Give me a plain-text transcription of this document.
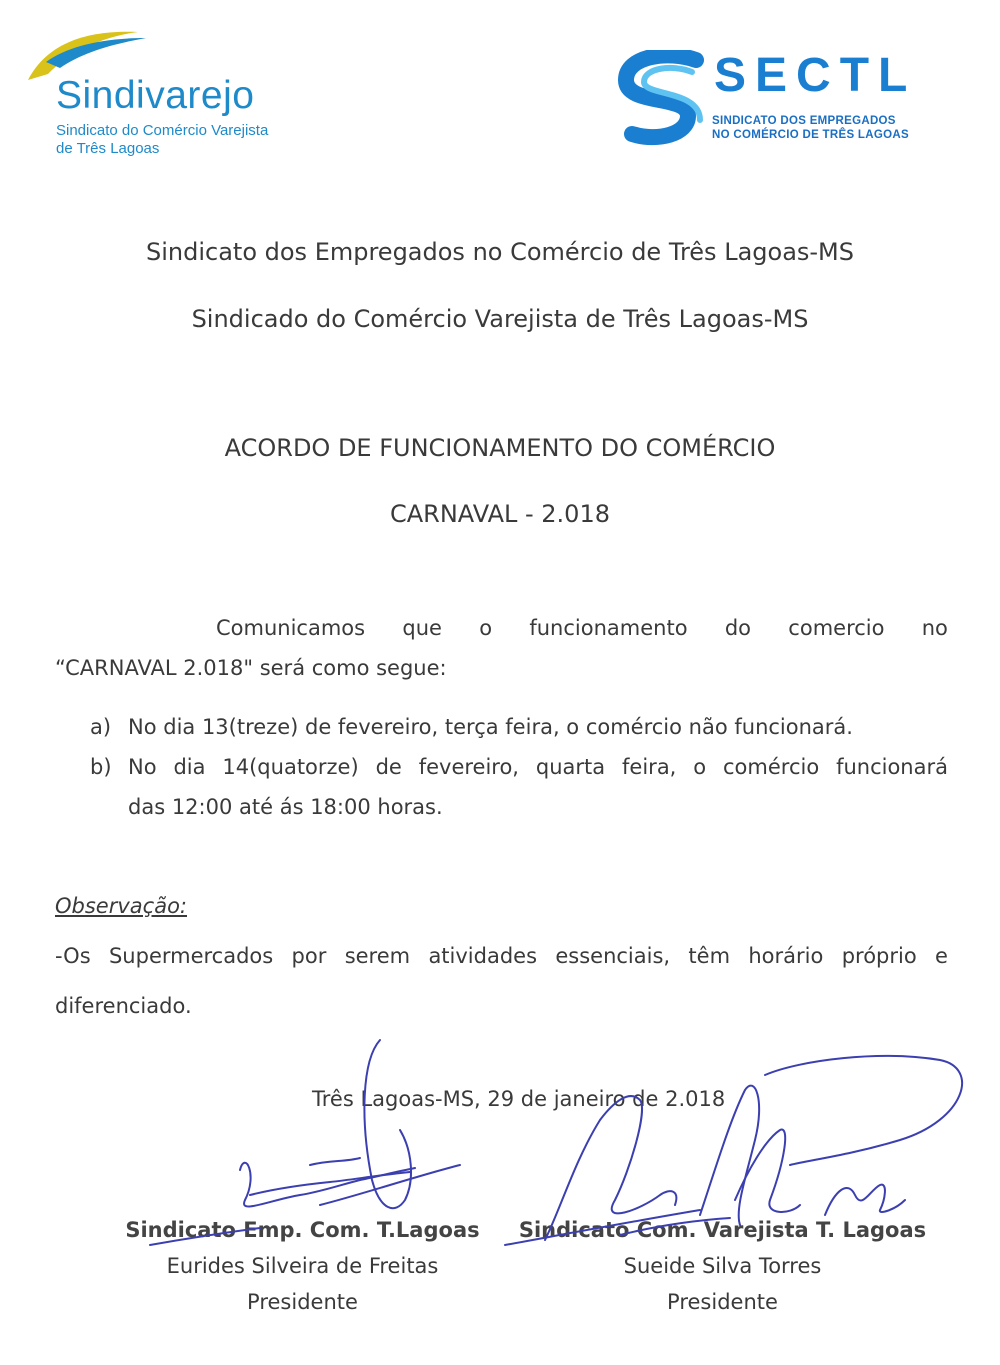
Sindivarejo
Sindicato do Comércio Varejista
de Três Lagoas
SECTL
SINDICATO DOS EMPREGADOS
NO COMÉRCIO DE TRÊS LAGOAS
Sindicato dos Empregados no Comércio de Três Lagoas-MS
Sindicado do Comércio Varejista de Três Lagoas-MS
ACORDO DE FUNCIONAMENTO DO COMÉRCIO
CARNAVAL - 2.018
Comunicamos que o funcionamento do comercio no
“CARNAVAL 2.018" será como segue:
a) No dia 13(treze) de fevereiro, terça feira, o comércio não funcionará.
b) No dia 14(quatorze) de fevereiro, quarta feira, o comércio funcionará
das 12:00 até ás 18:00 horas.
Observação:
-Os Supermercados por serem atividades essenciais, têm horário próprio e
diferenciado.
Três Lagoas-MS, 29 de janeiro de 2.018
Sindicato Emp. Com. T.Lagoas
Eurides Silveira de Freitas
Presidente
Sindicato Com. Varejista T. Lagoas
Sueide Silva Torres
Presidente
